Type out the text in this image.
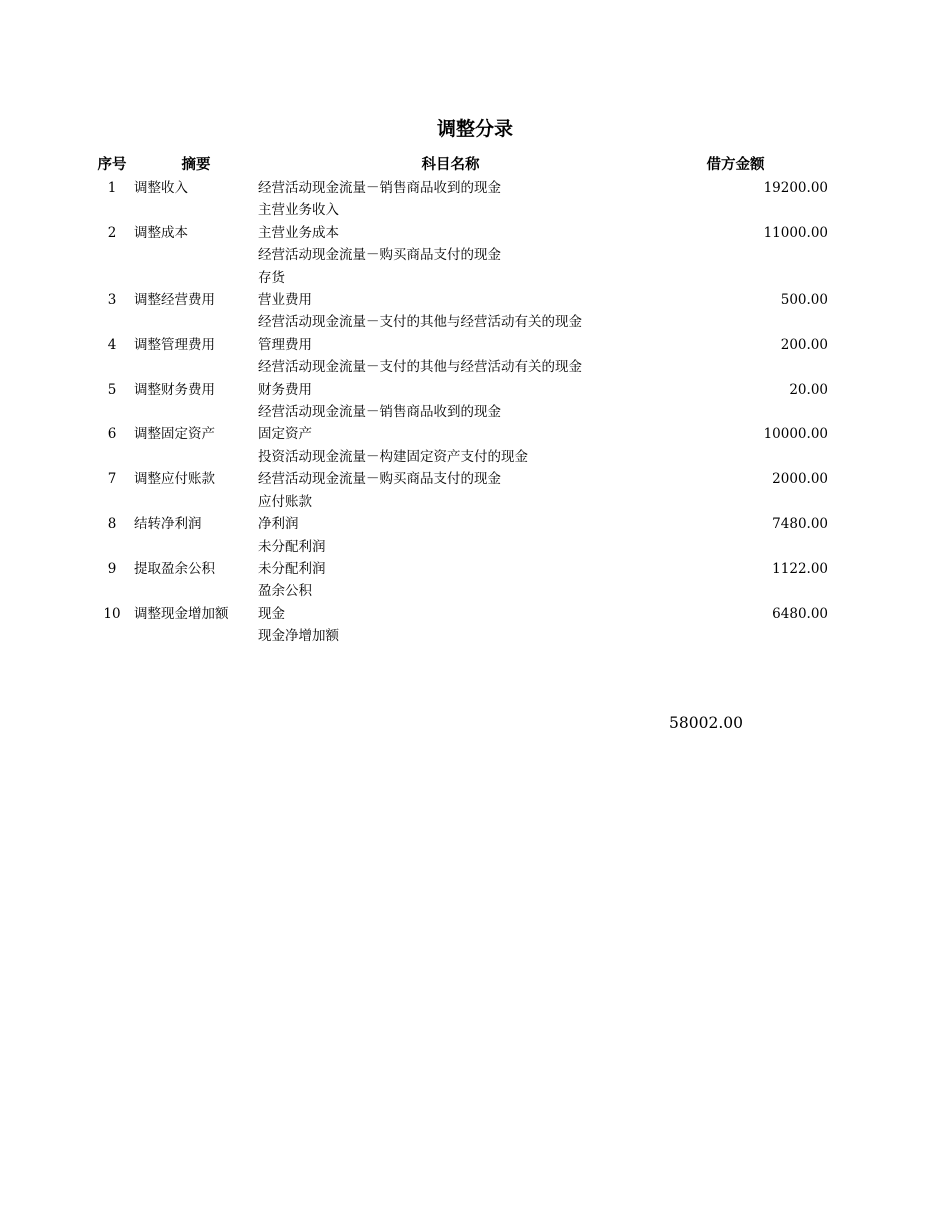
调整分录
序号	摘要	科目名称	借方金额
1	调整收入	经营活动现金流量－销售商品收到的现金	19200.00
		主营业务收入	
2	调整成本	主营业务成本	11000.00
		经营活动现金流量－购买商品支付的现金	
		存货	
3	调整经营费用	营业费用	500.00
		经营活动现金流量－支付的其他与经营活动有关的现金	
4	调整管理费用	管理费用	200.00
		经营活动现金流量－支付的其他与经营活动有关的现金	
5	调整财务费用	财务费用	20.00
		经营活动现金流量－销售商品收到的现金	
6	调整固定资产	固定资产	10000.00
		投资活动现金流量－构建固定资产支付的现金	
7	调整应付账款	经营活动现金流量－购买商品支付的现金	2000.00
		应付账款	
8	结转净利润	净利润	7480.00
		未分配利润	
9	提取盈余公积	未分配利润	1122.00
		盈余公积	
10	调整现金增加额	现金	6480.00
		现金净增加额	
58002.00
